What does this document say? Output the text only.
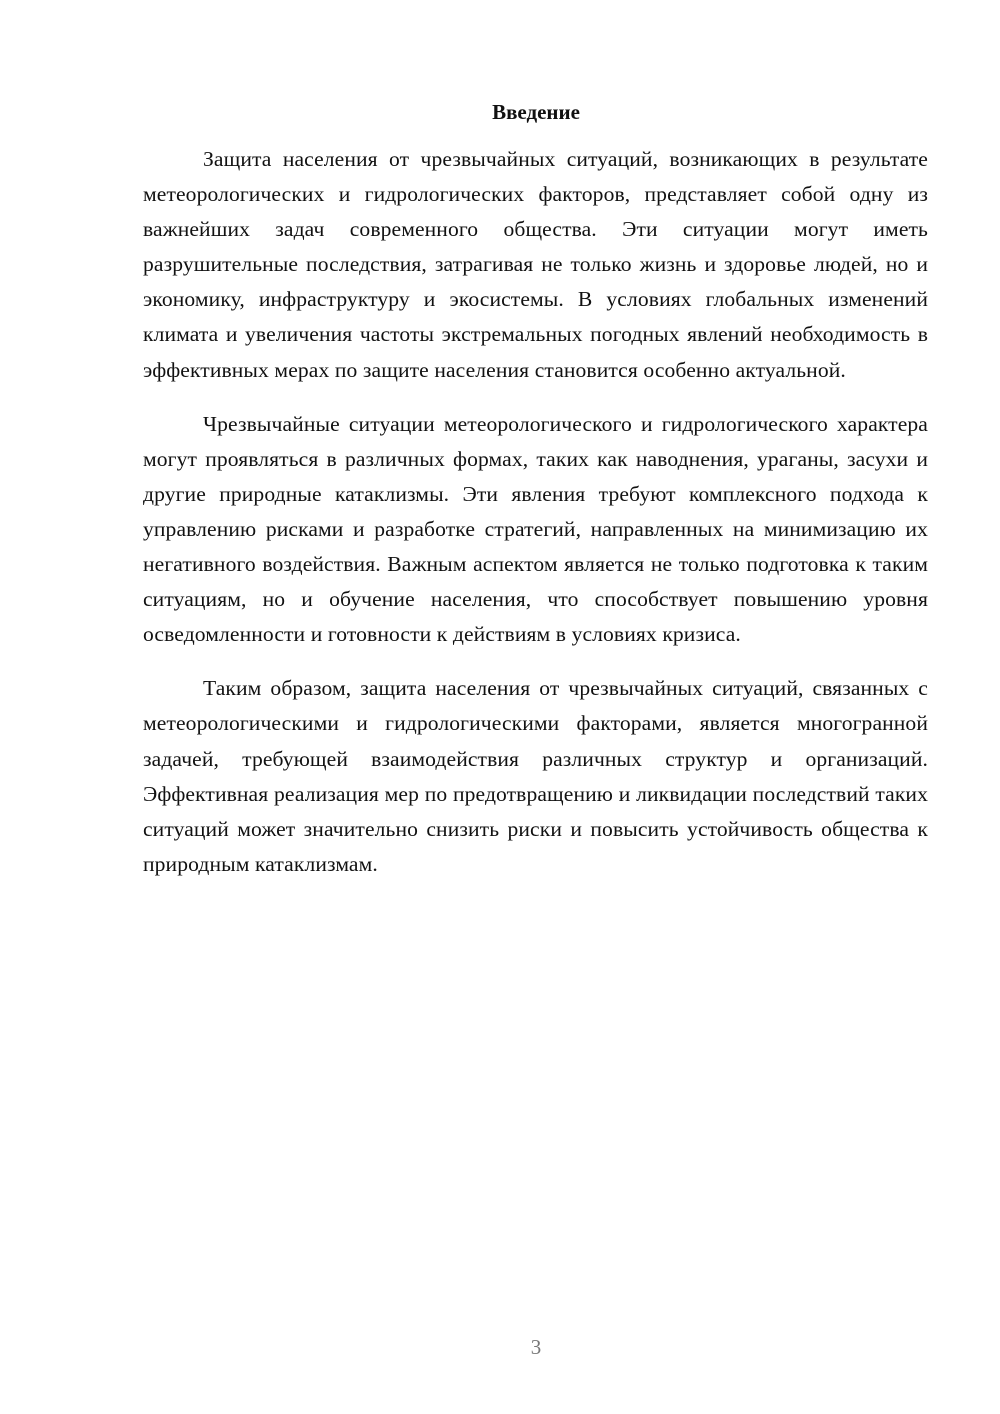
Введение

Защита населения от чрезвычайных ситуаций, возникающих в результате метеорологических и гидрологических факторов, представляет собой одну из важнейших задач современного общества. Эти ситуации могут иметь разрушительные последствия, затрагивая не только жизнь и здоровье людей, но и экономику, инфраструктуру и экосистемы. В условиях глобальных изменений климата и увеличения частоты экстремальных погодных явлений необходимость в эффективных мерах по защите населения становится особенно актуальной.

Чрезвычайные ситуации метеорологического и гидрологического характера могут проявляться в различных формах, таких как наводнения, ураганы, засухи и другие природные катаклизмы. Эти явления требуют комплексного подхода к управлению рисками и разработке стратегий, направленных на минимизацию их негативного воздействия. Важным аспектом является не только подготовка к таким ситуациям, но и обучение населения, что способствует повышению уровня осведомленности и готовности к действиям в условиях кризиса.

Таким образом, защита населения от чрезвычайных ситуаций, связанных с метеорологическими и гидрологическими факторами, является многогранной задачей, требующей взаимодействия различных структур и организаций. Эффективная реализация мер по предотвращению и ликвидации последствий таких ситуаций может значительно снизить риски и повысить устойчивость общества к природным катаклизмам.

3
